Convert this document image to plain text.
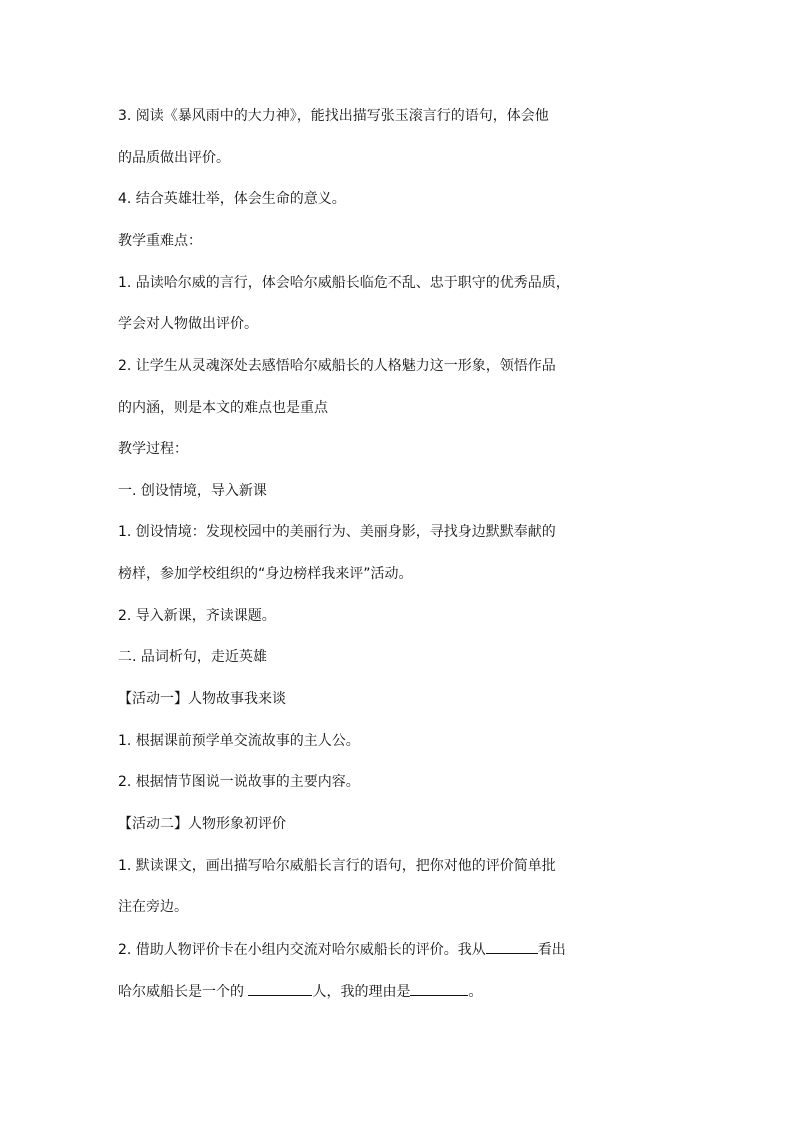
3. 阅读《暴风雨中的大力神》，能找出描写张玉滚言行的语句，体会他
的品质做出评价。
4. 结合英雄壮举，体会生命的意义。
教学重难点：
1. 品读哈尔威的言行，体会哈尔威船长临危不乱、忠于职守的优秀品质，
学会对人物做出评价。
2. 让学生从灵魂深处去感悟哈尔威船长的人格魅力这一形象，领悟作品
的内涵，则是本文的难点也是重点
教学过程：
一. 创设情境，导入新课
1. 创设情境：发现校园中的美丽行为、美丽身影，寻找身边默默奉献的
榜样，参加学校组织的“身边榜样我来评”活动。
2. 导入新课，齐读课题。
二. 品词析句，走近英雄
【活动一】人物故事我来谈
1. 根据课前预学单交流故事的主人公。
2. 根据情节图说一说故事的主要内容。
【活动二】人物形象初评价
1. 默读课文，画出描写哈尔威船长言行的语句，把你对他的评价简单批
注在旁边。
2. 借助人物评价卡在小组内交流对哈尔威船长的评价。我从	看出
哈尔威船长是一个的	人，我的理由是	。
